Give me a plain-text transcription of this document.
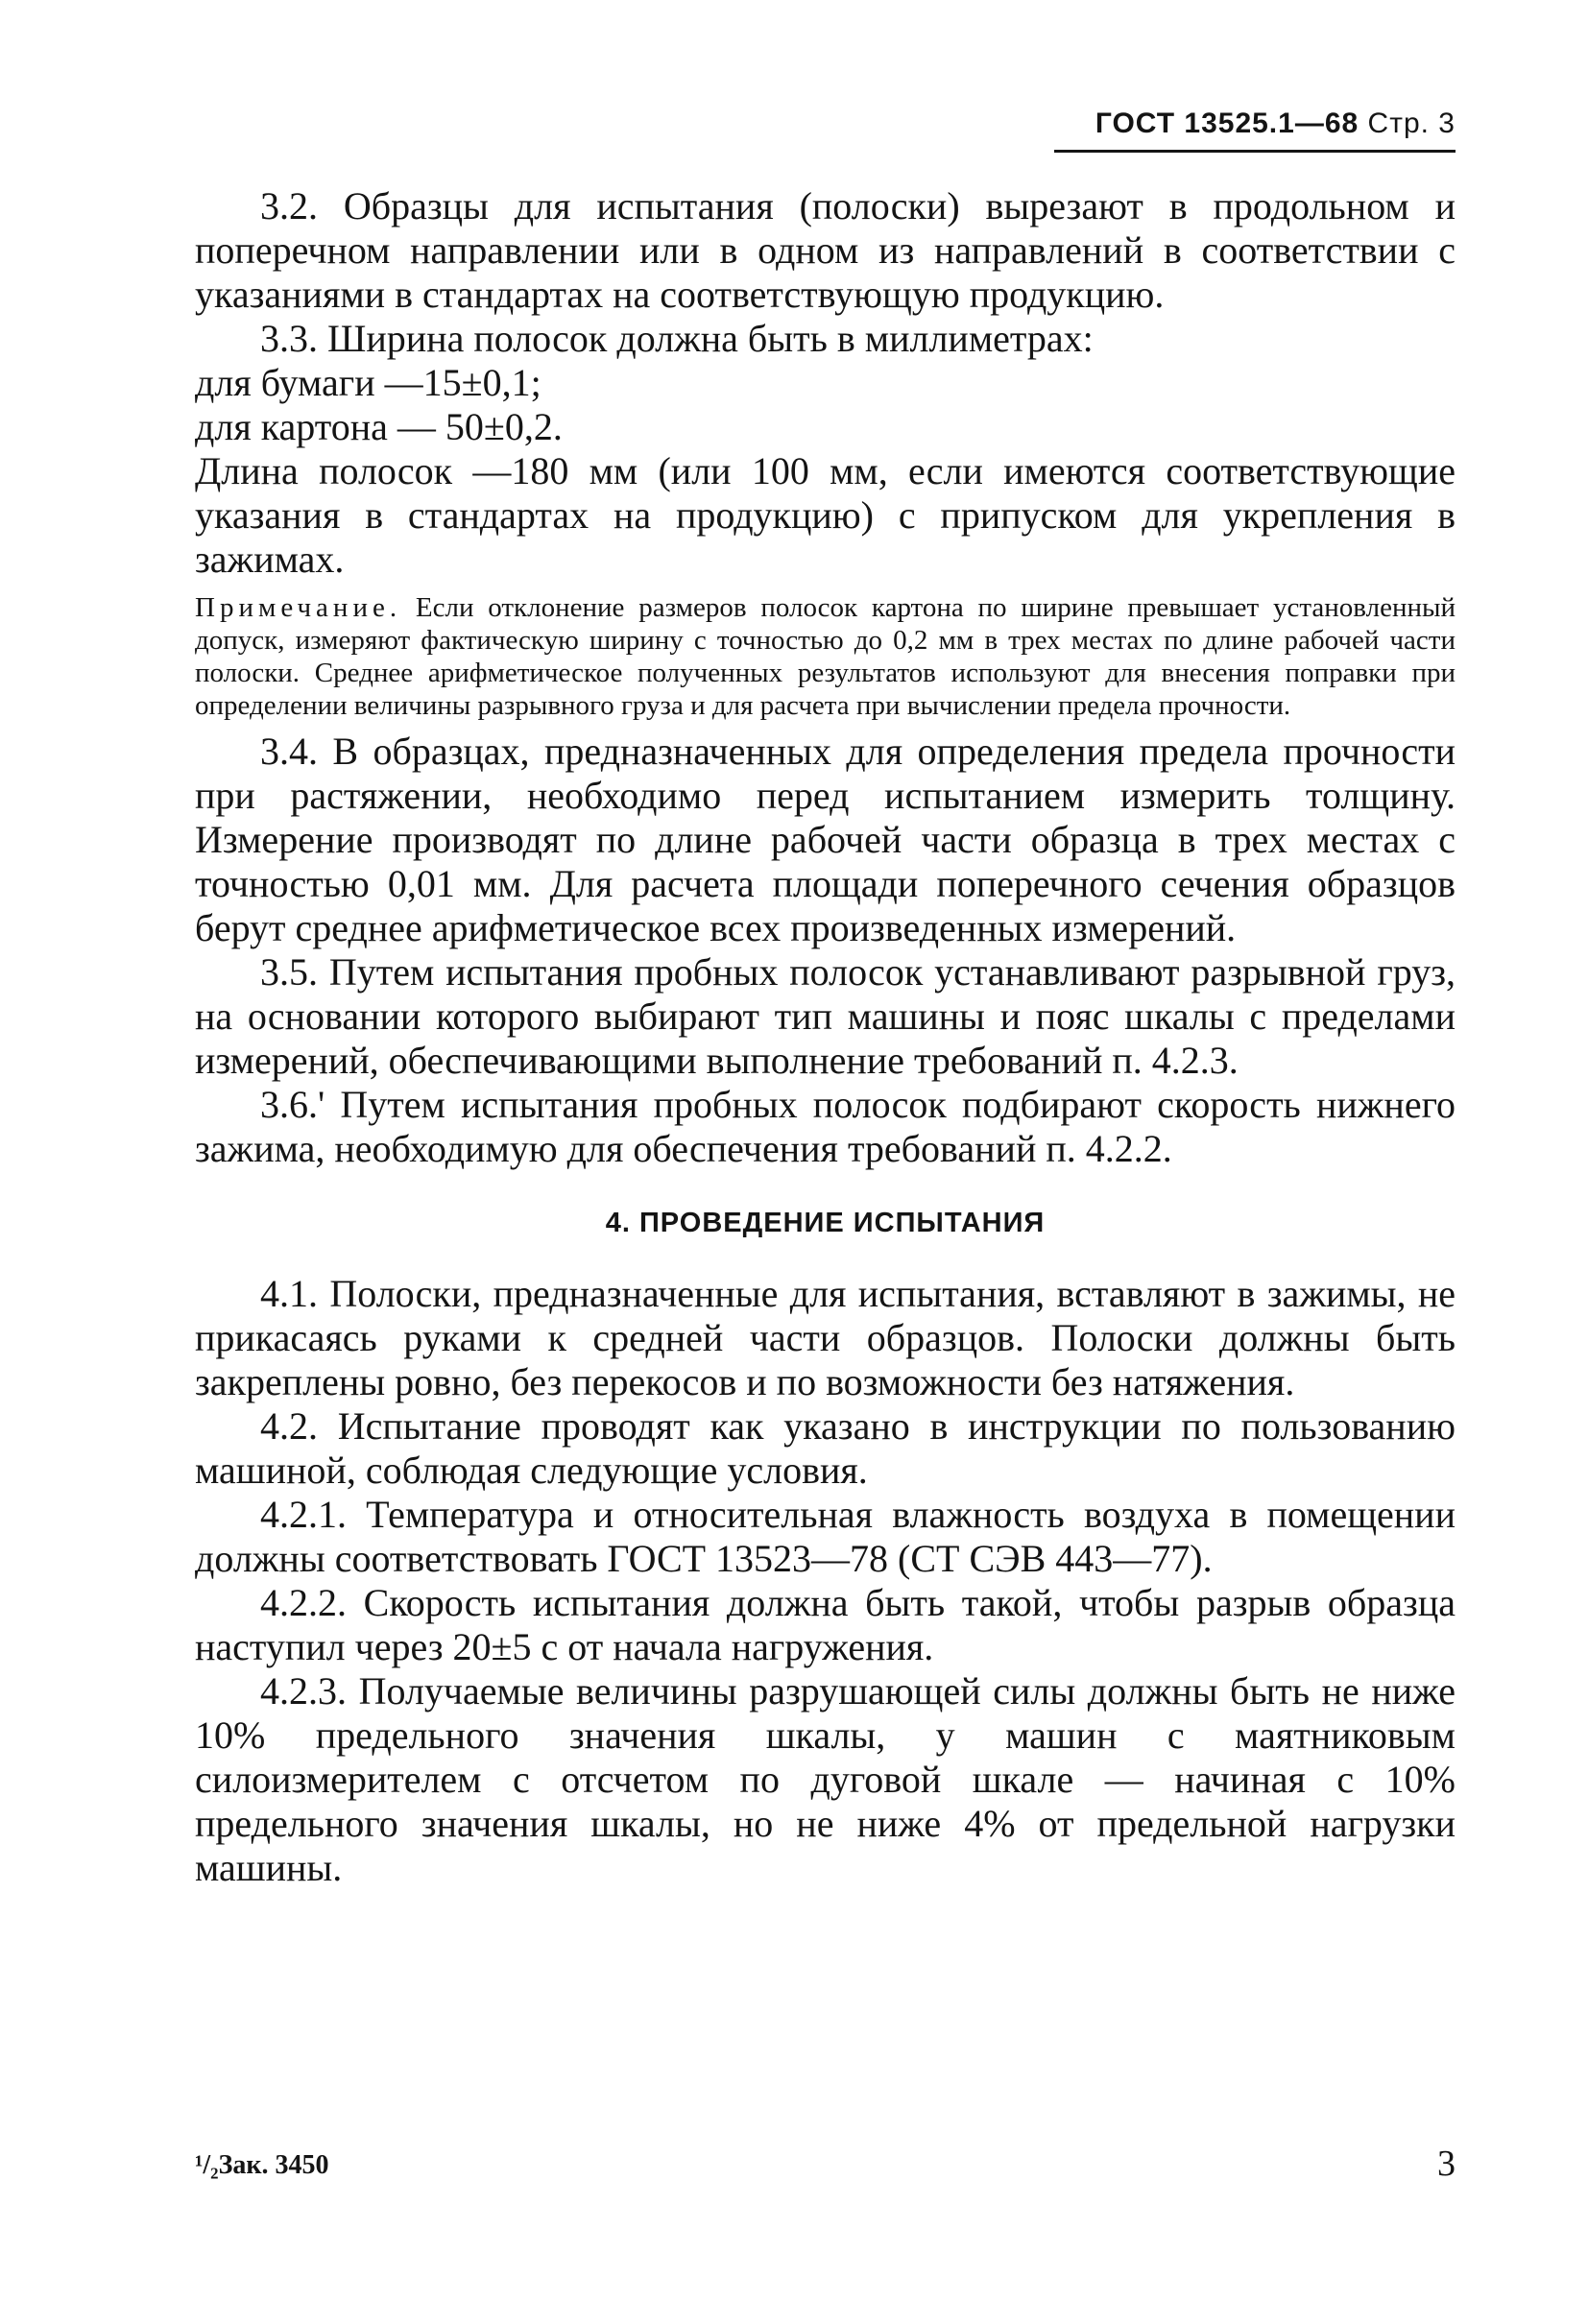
ГОСТ 13525.1—68 Стр. 3

3.2. Образцы для испытания (полоски) вырезают в продольном и поперечном направлении или в одном из направлений в соответствии с указаниями в стандартах на соответствующую продукцию.

3.3. Ширина полосок должна быть в миллиметрах:

для бумаги —15±0,1;

для картона — 50±0,2.

Длина полосок —180 мм (или 100 мм, если имеются соответствующие указания в стандартах на продукцию) с припуском для укрепления в зажимах.

Примечание. Если отклонение размеров полосок картона по ширине превышает установленный допуск, измеряют фактическую ширину с точностью до 0,2 мм в трех местах по длине рабочей части полоски. Среднее арифметическое полученных результатов используют для внесения поправки при определении величины разрывного груза и для расчета при вычислении предела прочности.

3.4. В образцах, предназначенных для определения предела прочности при растяжении, необходимо перед испытанием измерить толщину. Измерение производят по длине рабочей части образца в трех местах с точностью 0,01 мм. Для расчета площади поперечного сечения образцов берут среднее арифметическое всех произведенных измерений.

3.5. Путем испытания пробных полосок устанавливают разрывной груз, на основании которого выбирают тип машины и пояс шкалы с пределами измерений, обеспечивающими выполнение требований п. 4.2.3.

3.6.' Путем испытания пробных полосок подбирают скорость нижнего зажима, необходимую для обеспечения требований п. 4.2.2.

4. ПРОВЕДЕНИЕ ИСПЫТАНИЯ

4.1. Полоски, предназначенные для испытания, вставляют в зажимы, не прикасаясь руками к средней части образцов. Полоски должны быть закреплены ровно, без перекосов и по возможности без натяжения.

4.2. Испытание проводят как указано в инструкции по пользованию машиной, соблюдая следующие условия.

4.2.1. Температура и относительная влажность воздуха в помещении должны соответствовать ГОСТ 13523—78 (СТ СЭВ 443—77).

4.2.2. Скорость испытания должна быть такой, чтобы разрыв образца наступил через 20±5 с от начала нагружения.

4.2.3. Получаемые величины разрушающей силы должны быть не ниже 10% предельного значения шкалы, у машин с маятниковым силоизмерителем с отсчетом по дуговой шкале — начиная с 10% предельного значения шкалы, но не ниже 4% от предельной нагрузки машины.

¹/₂Зак. 3450	3
